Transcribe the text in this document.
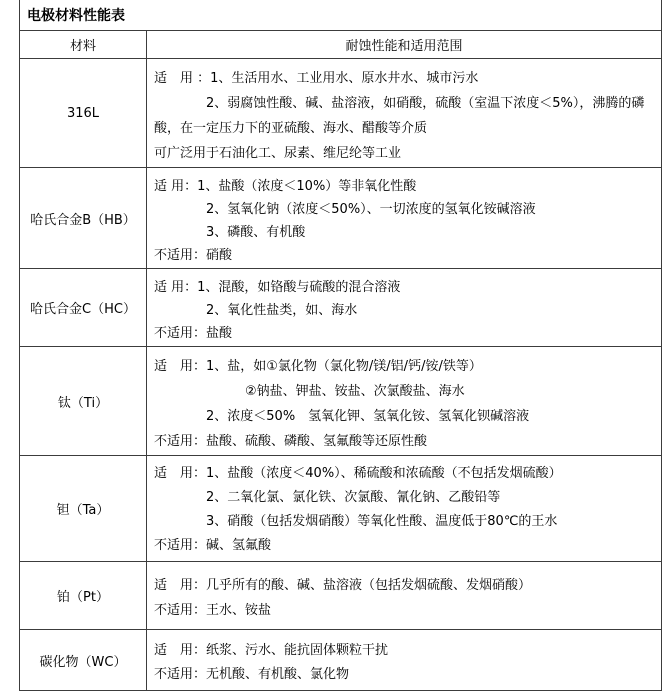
电极材料性能表	
材料	耐蚀性能和适用范围
316L	适　用 ：1、生活用水、工业用水、原水井水、城市污水
　　　　2、弱腐蚀性酸、碱、盐溶液，如硝酸，硫酸（室温下浓度＜5%），沸腾的磷
酸，在一定压力下的亚硫酸、海水、醋酸等介质
可广泛用于石油化工、尿素、维尼纶等工业

哈氏合金B（HB）	适 用：1、盐酸（浓度＜10%）等非氧化性酸
　　　　2、氢氧化钠（浓度＜50%）、一切浓度的氢氧化铵碱溶液
　　　　3、磷酸、有机酸
不适用：硝酸

哈氏合金C（HC）	适 用：1、混酸，如铬酸与硫酸的混合溶液
　　　　2、氧化性盐类，如、海水
不适用：盐酸

钛（Ti）	适　用：1、盐，如①氯化物（氯化物/镁/铝/钙/铵/铁等）
　　　　　　　②钠盐、钾盐、铵盐、次氯酸盐、海水
　　　　2、浓度＜50%　氢氧化钾、氢氧化铵、氢氧化钡碱溶液
不适用：盐酸、硫酸、磷酸、氢氟酸等还原性酸

钽（Ta）	适　用：1、盐酸（浓度＜40%）、稀硫酸和浓硫酸（不包括发烟硫酸）
　　　　2、二氧化氯、氯化铁、次氯酸、氰化钠、乙酸铅等
　　　　3、硝酸（包括发烟硝酸）等氧化性酸、温度低于80℃的王水
不适用：碱、氢氟酸

铂（Pt）	适　用：几乎所有的酸、碱、盐溶液（包括发烟硫酸、发烟硝酸）
不适用：王水、铵盐

碳化物（WC）	适　用：纸浆、污水、能抗固体颗粒干扰
不适用：无机酸、有机酸、氯化物
